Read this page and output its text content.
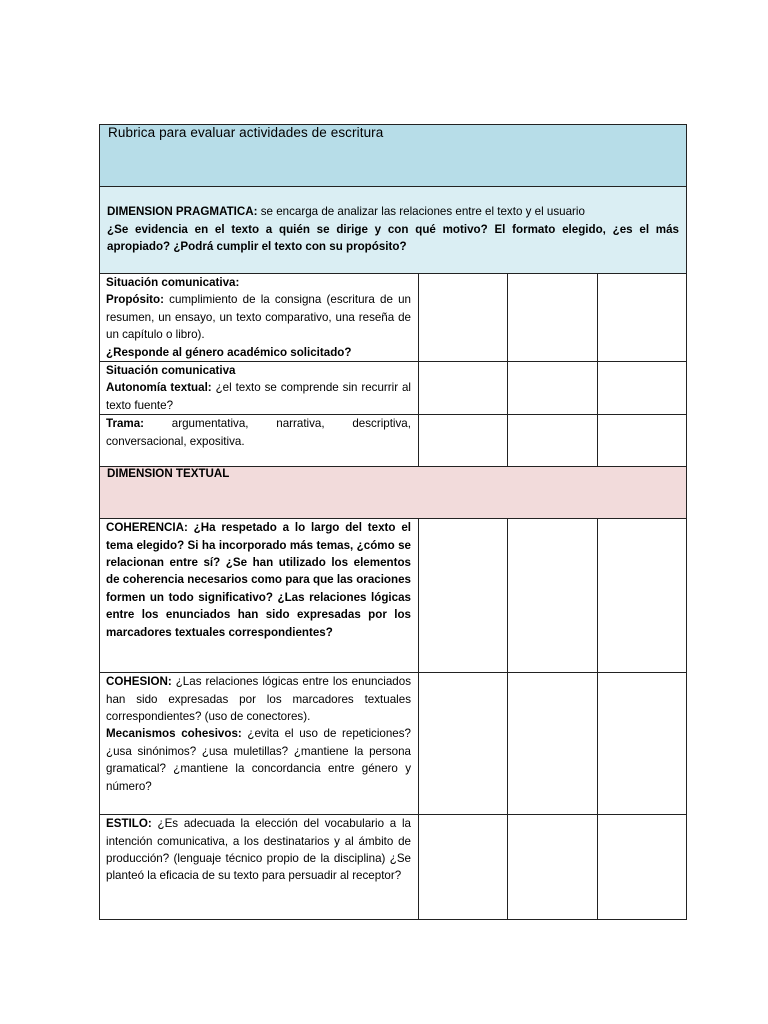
Rubrica para evaluar actividades de escritura			

DIMENSION PRAGMATICA: se encarga de analizar las relaciones entre el texto y el usuario
¿Se evidencia en el texto a quién se dirige y con qué motivo? El formato elegido, ¿es el más apropiado? ¿Podrá cumplir el texto con su propósito?			

Situación comunicativa:
Propósito: cumplimiento de la consigna (escritura de un resumen, un ensayo, un texto comparativo, una reseña de un capítulo o libro).
¿Responde al género académico solicitado?			

Situación comunicativa
Autonomía textual: ¿el texto se comprende sin recurrir al texto fuente?			

Trama: argumentativa, narrativa, descriptiva, conversacional, expositiva.			

DIMENSION TEXTUAL			

COHERENCIA: ¿Ha respetado a lo largo del texto el tema elegido? Si ha incorporado más temas, ¿cómo se relacionan entre sí? ¿Se han utilizado los elementos de coherencia necesarios como para que las oraciones formen un todo significativo? ¿Las relaciones lógicas entre los enunciados han sido expresadas por los marcadores textuales correspondientes?			

COHESION: ¿Las relaciones lógicas entre los enunciados han sido expresadas por los marcadores textuales correspondientes? (uso de conectores).
Mecanismos cohesivos: ¿evita el uso de repeticiones? ¿usa sinónimos? ¿usa muletillas? ¿mantiene la persona gramatical? ¿mantiene la concordancia entre género y número?			

ESTILO: ¿Es adecuada la elección del vocabulario a la intención comunicativa, a los destinatarios y al ámbito de producción? (lenguaje técnico propio de la disciplina) ¿Se planteó la eficacia de su texto para persuadir al receptor?			
